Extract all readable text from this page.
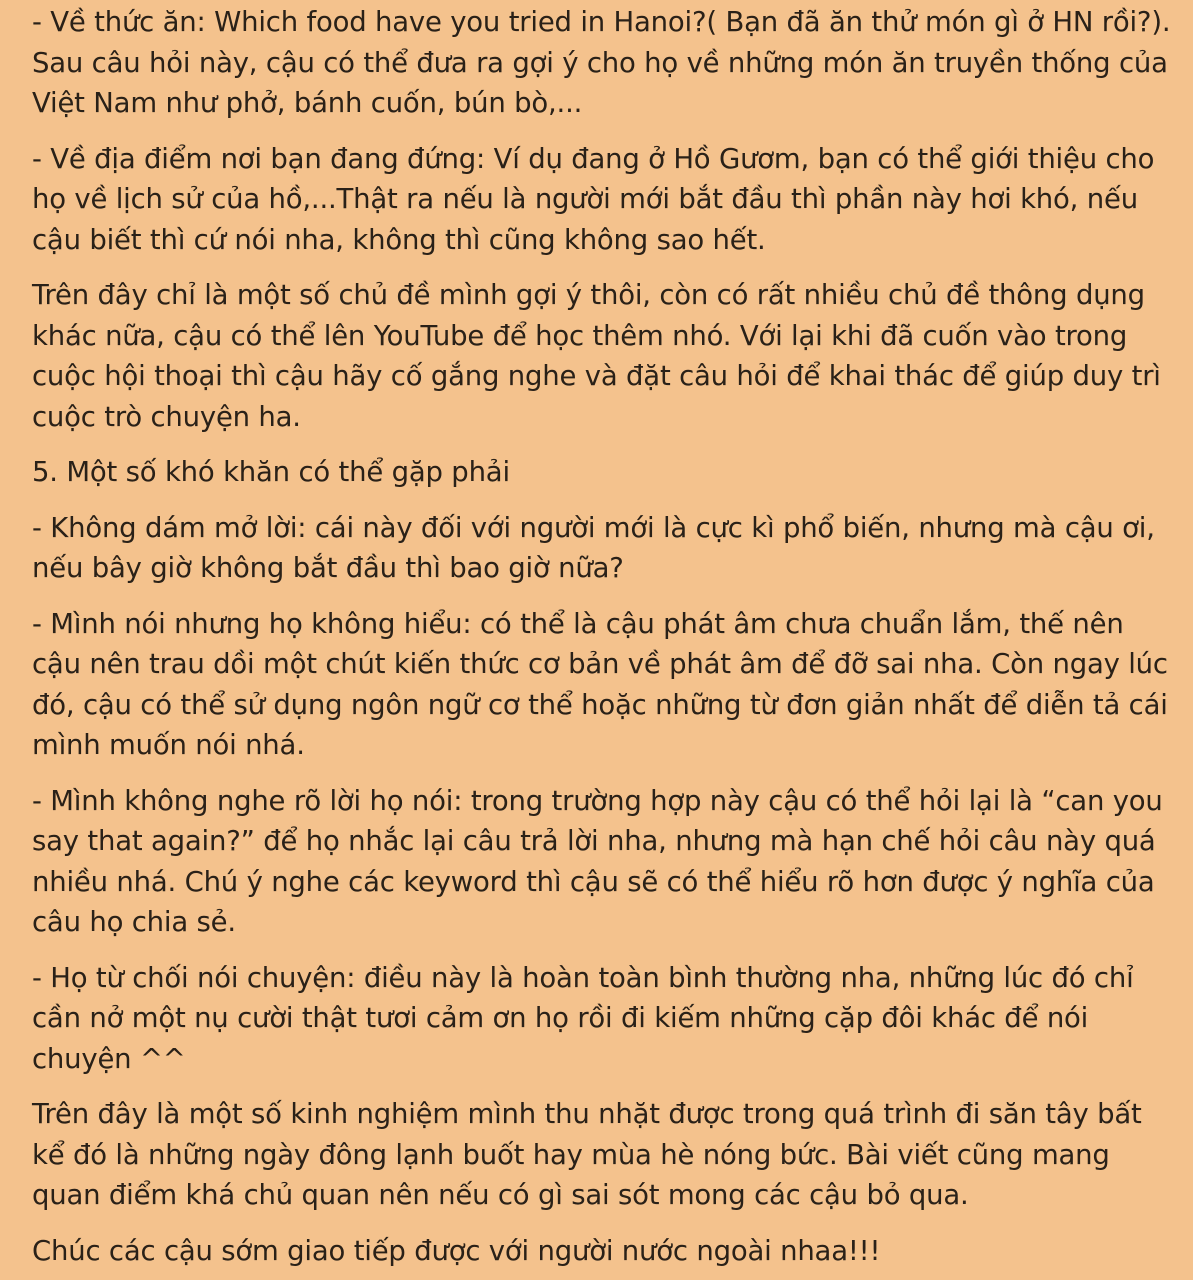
- Về thức ăn: Which food have you tried in Hanoi?( Bạn đã ăn thử món gì ở HN rồi?). Sau câu hỏi này, cậu có thể đưa ra gợi ý cho họ về những món ăn truyền thống của Việt Nam như phở, bánh cuốn, bún bò,...

- Về địa điểm nơi bạn đang đứng: Ví dụ đang ở Hồ Gươm, bạn có thể giới thiệu cho họ về lịch sử của hồ,...Thật ra nếu là người mới bắt đầu thì phần này hơi khó, nếu cậu biết thì cứ nói nha, không thì cũng không sao hết.

Trên đây chỉ là một số chủ đề mình gợi ý thôi, còn có rất nhiều chủ đề thông dụng khác nữa, cậu có thể lên YouTube để học thêm nhó. Với lại khi đã cuốn vào trong cuộc hội thoại thì cậu hãy cố gắng nghe và đặt câu hỏi để khai thác để giúp duy trì cuộc trò chuyện ha.

5. Một số khó khăn có thể gặp phải

- Không dám mở lời: cái này đối với người mới là cực kì phổ biến, nhưng mà cậu ơi, nếu bây giờ không bắt đầu thì bao giờ nữa?

- Mình nói nhưng họ không hiểu: có thể là cậu phát âm chưa chuẩn lắm, thế nên cậu nên trau dồi một chút kiến thức cơ bản về phát âm để đỡ sai nha. Còn ngay lúc đó, cậu có thể sử dụng ngôn ngữ cơ thể hoặc những từ đơn giản nhất để diễn tả cái mình muốn nói nhá.

- Mình không nghe rõ lời họ nói: trong trường hợp này cậu có thể hỏi lại là “can you say that again?” để họ nhắc lại câu trả lời nha, nhưng mà hạn chế hỏi câu này quá nhiều nhá. Chú ý nghe các keyword thì cậu sẽ có thể hiểu rõ hơn được ý nghĩa của câu họ chia sẻ.

- Họ từ chối nói chuyện: điều này là hoàn toàn bình thường nha, những lúc đó chỉ cần nở một nụ cười thật tươi cảm ơn họ rồi đi kiếm những cặp đôi khác để nói chuyện ^^

Trên đây là một số kinh nghiệm mình thu nhặt được trong quá trình đi săn tây bất kể đó là những ngày đông lạnh buốt hay mùa hè nóng bức. Bài viết cũng mang quan điểm khá chủ quan nên nếu có gì sai sót mong các cậu bỏ qua.

Chúc các cậu sớm giao tiếp được với người nước ngoài nhaa!!!
